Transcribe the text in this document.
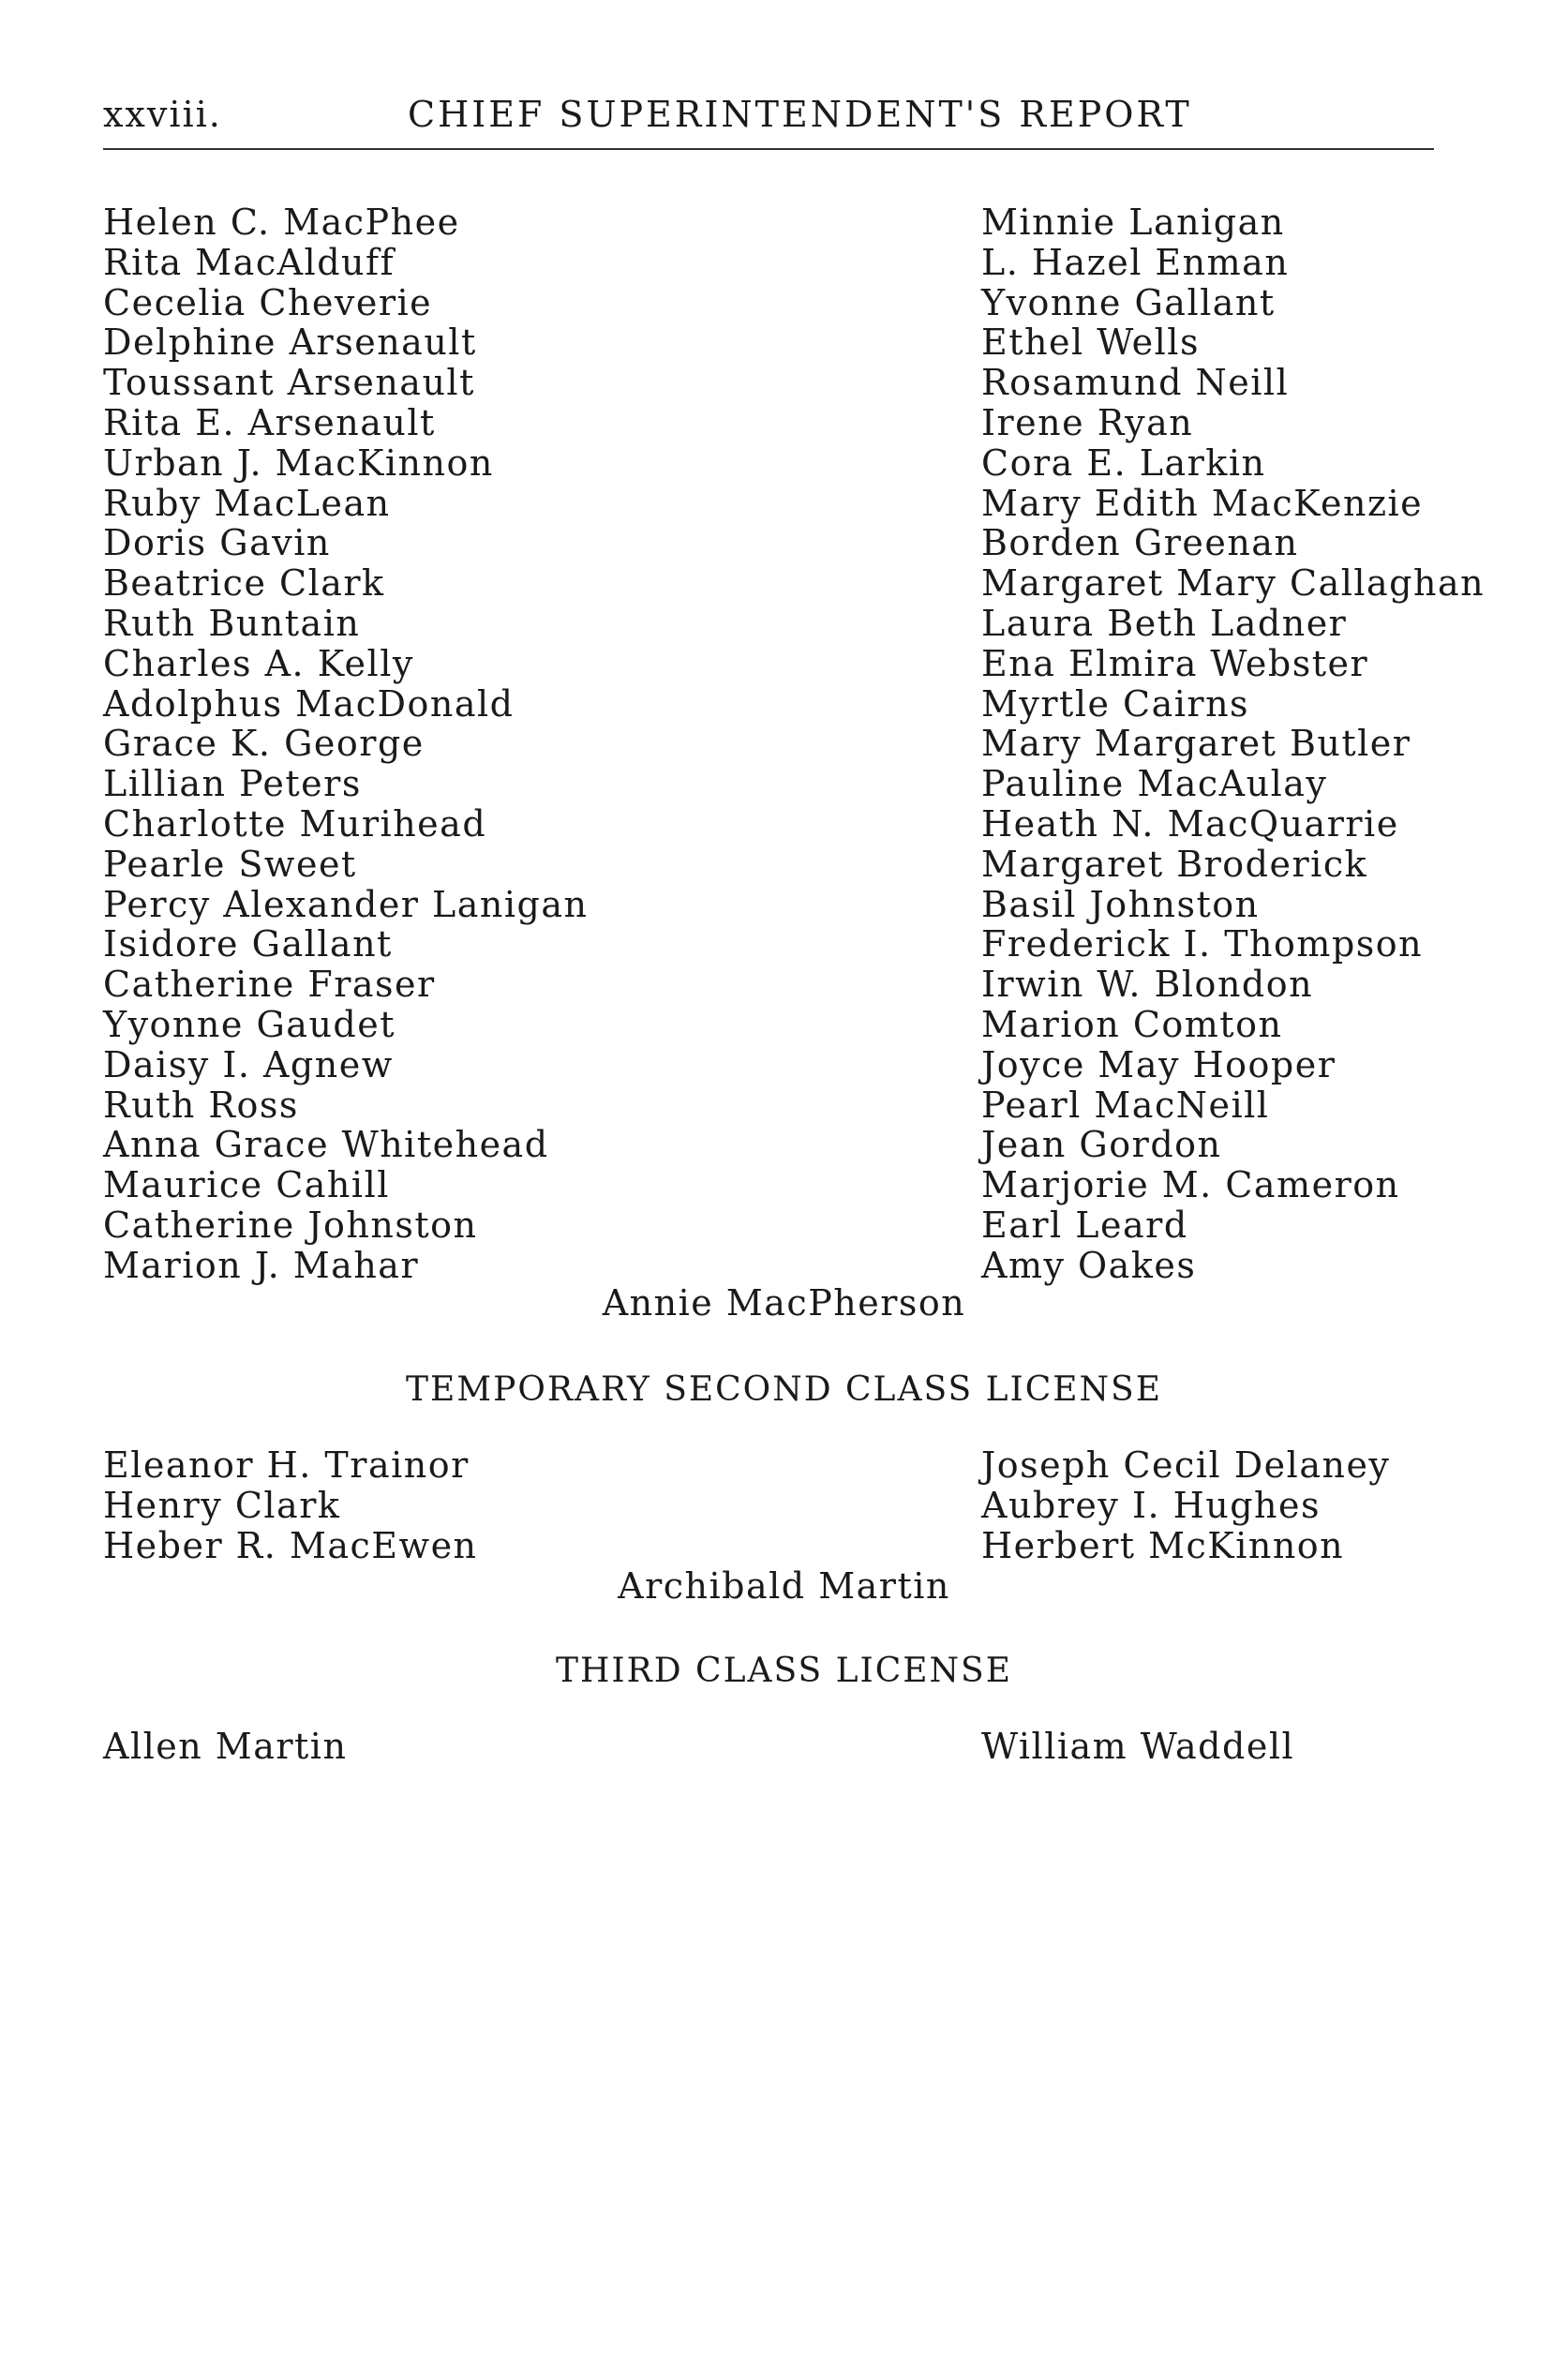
xxviii.	CHIEF SUPERINTENDENT'S REPORT
Helen C. MacPhee
Rita MacAlduff
Cecelia Cheverie
Delphine Arsenault
Toussant Arsenault
Rita E. Arsenault
Urban J. MacKinnon
Ruby MacLean
Doris Gavin
Beatrice Clark
Ruth Buntain
Charles A. Kelly
Adolphus MacDonald
Grace K. George
Lillian Peters
Charlotte Murihead
Pearle Sweet
Percy Alexander Lanigan
Isidore Gallant
Catherine Fraser
Yyonne Gaudet
Daisy I. Agnew
Ruth Ross
Anna Grace Whitehead
Maurice Cahill
Catherine Johnston
Marion J. Mahar
Minnie Lanigan
L. Hazel Enman
Yvonne Gallant
Ethel Wells
Rosamund Neill
Irene Ryan
Cora E. Larkin
Mary Edith MacKenzie
Borden Greenan
Margaret Mary Callaghan
Laura Beth Ladner
Ena Elmira Webster
Myrtle Cairns
Mary Margaret Butler
Pauline MacAulay
Heath N. MacQuarrie
Margaret Broderick
Basil Johnston
Frederick I. Thompson
Irwin W. Blondon
Marion Comton
Joyce May Hooper
Pearl MacNeill
Jean Gordon
Marjorie M. Cameron
Earl Leard
Amy Oakes
Annie MacPherson
TEMPORARY SECOND CLASS LICENSE
Eleanor H. Trainor
Henry Clark
Heber R. MacEwen
Joseph Cecil Delaney
Aubrey I. Hughes
Herbert McKinnon
Archibald Martin
THIRD CLASS LICENSE
Allen Martin	William Waddell
